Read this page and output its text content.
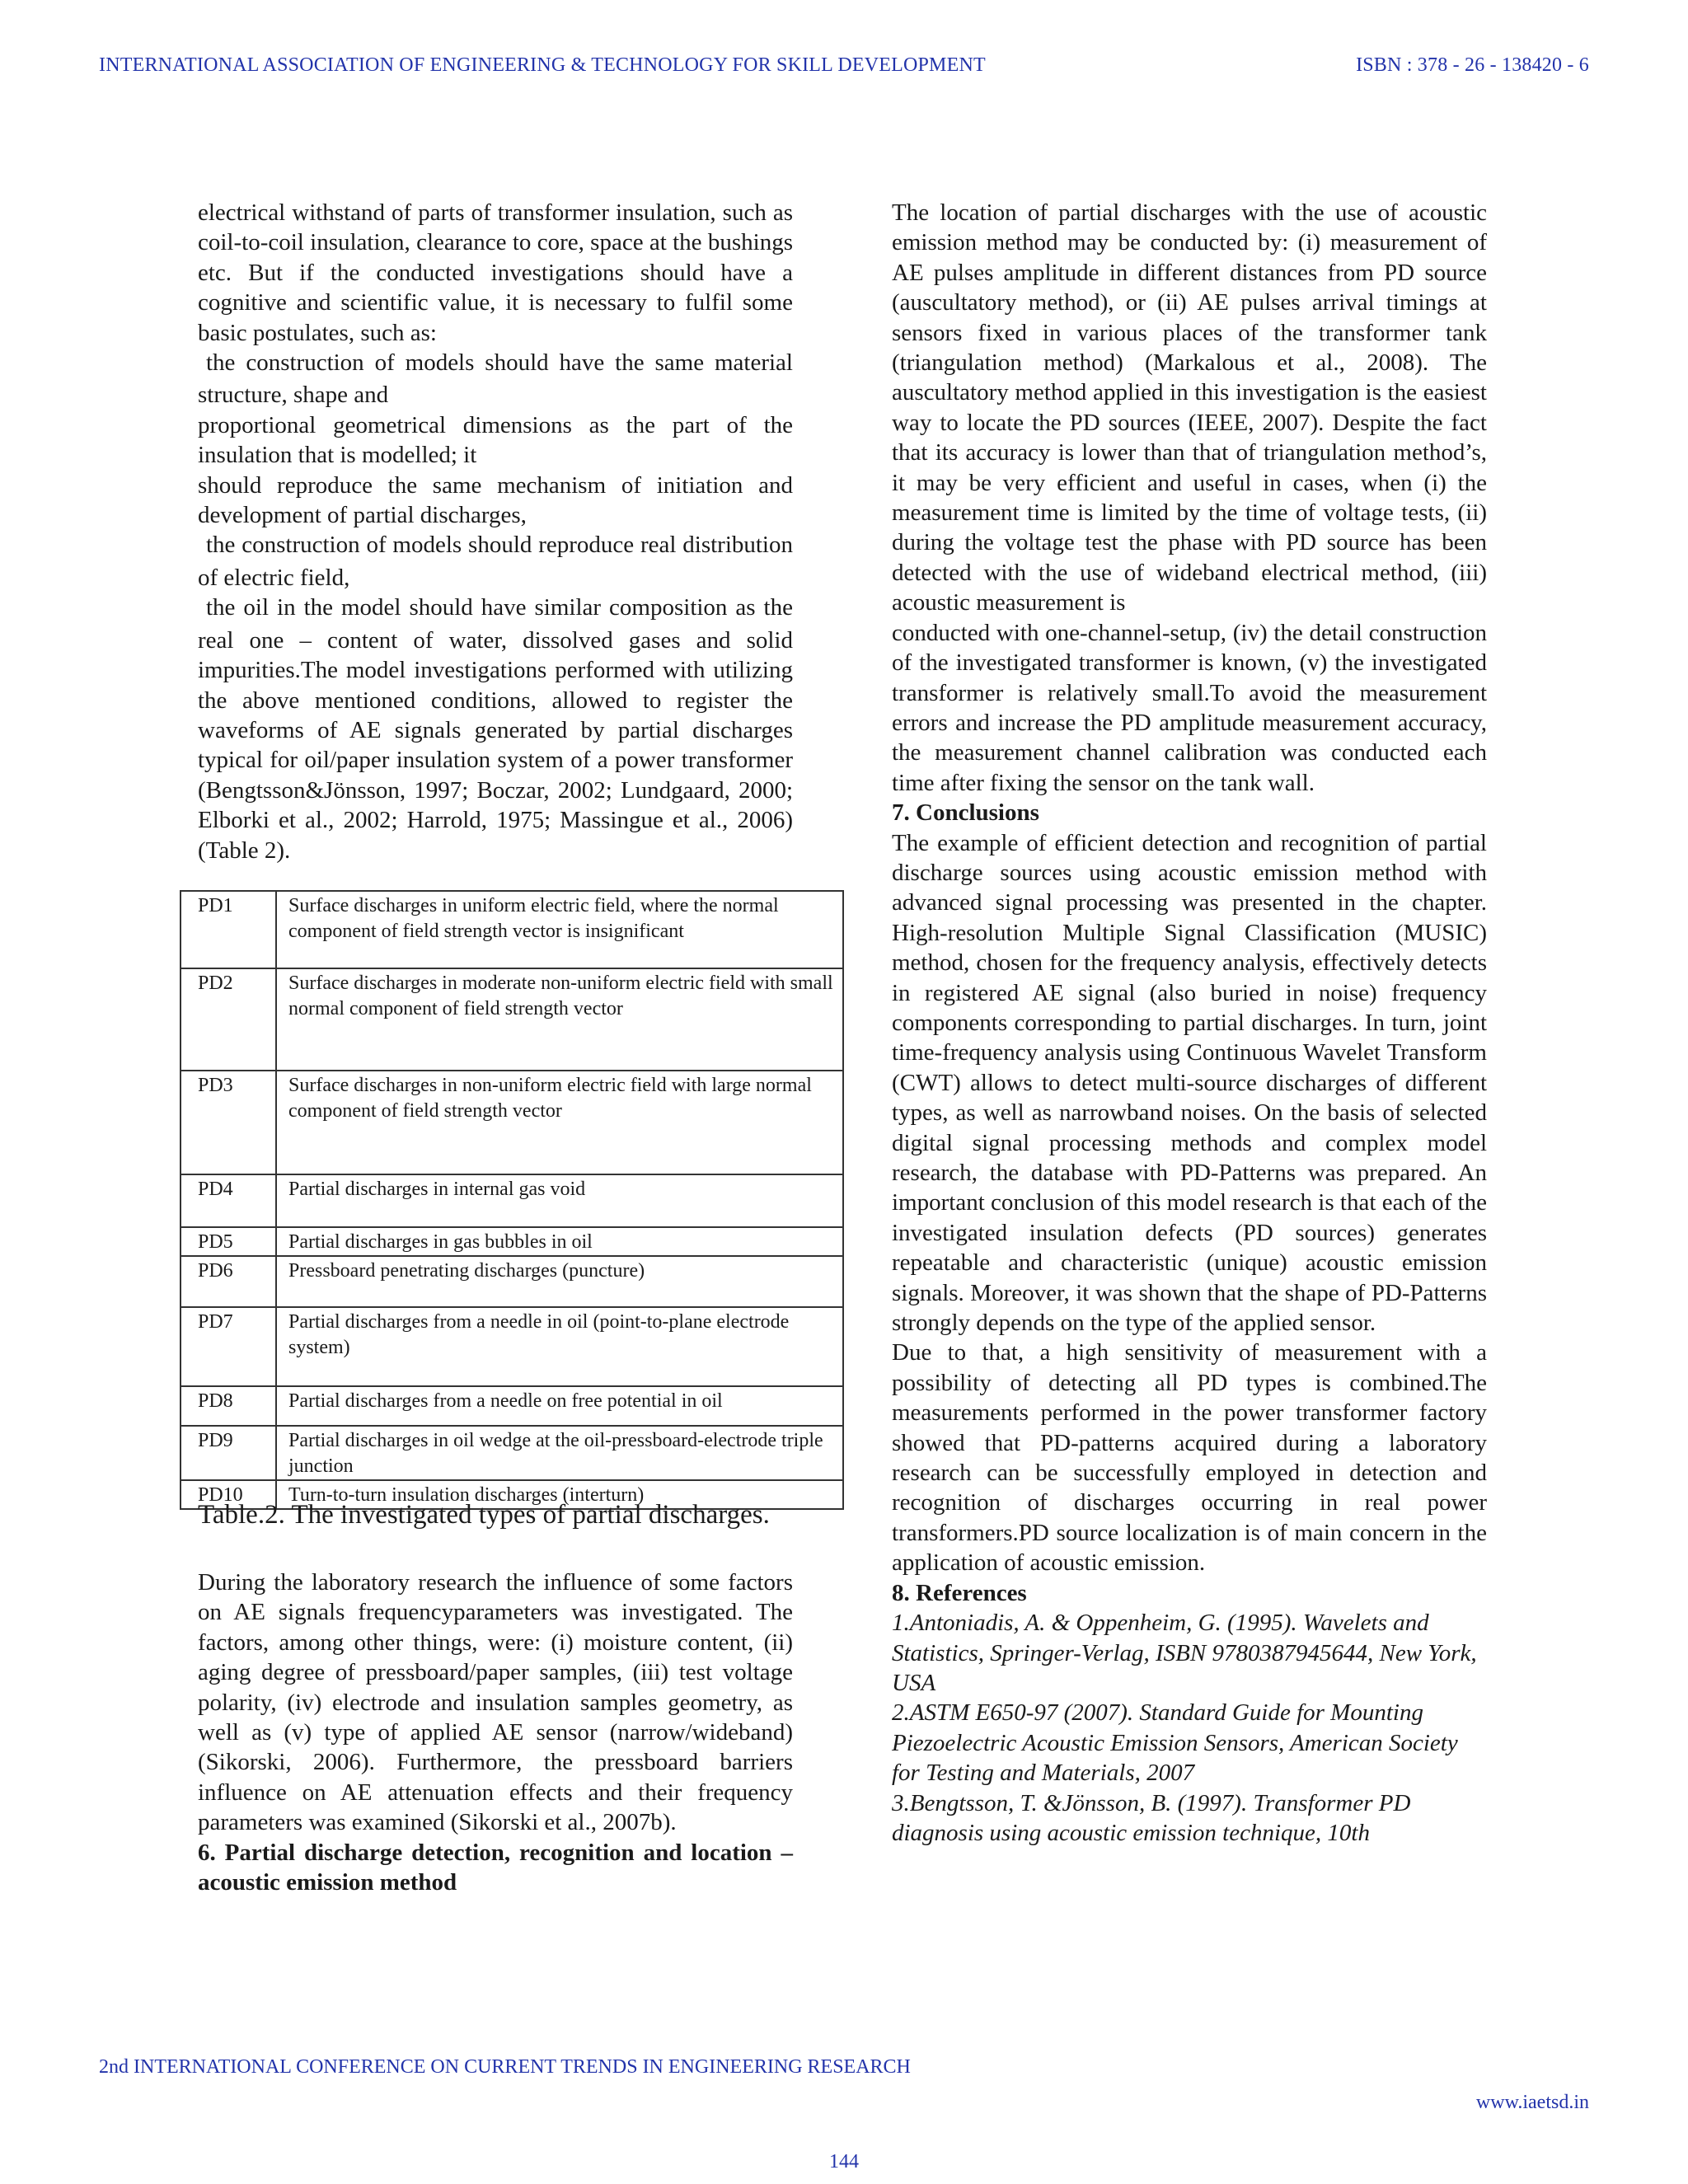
INTERNATIONAL ASSOCIATION OF ENGINEERING & TECHNOLOGY FOR SKILL DEVELOPMENT	ISBN : 378 - 26 - 138420 - 6

electrical withstand of parts of transformer insulation, such as coil-to-coil insulation, clearance to core, space at the bushings etc. But if the conducted investigations should have a cognitive and scientific value, it is necessary to fulfil some basic postulates, such as:

the construction of models should have the same material structure, shape and

proportional geometrical dimensions as the part of the insulation that is modelled; it

should reproduce the same mechanism of initiation and development of partial discharges,

the construction of models should reproduce real distribution of electric field,

the oil in the model should have similar composition as the real one – content of water, dissolved gases and solid impurities.The model investigations performed with utilizing the above mentioned conditions, allowed to register the waveforms of AE signals generated by partial discharges typical for oil/paper insulation system of a power transformer (Bengtsson&Jönsson, 1997; Boczar, 2002; Lundgaard, 2000; Elborki et al., 2002; Harrold, 1975; Massingue et al., 2006) (Table 2).

PD1	Surface discharges in uniform electric field, where the normal component of field strength vector is insignificant
PD2	Surface discharges in moderate non-uniform electric field with small normal component of field strength vector
PD3	Surface discharges in non-uniform electric field with large normal component of field strength vector
PD4	Partial discharges in internal gas void
PD5	Partial discharges in gas bubbles in oil
PD6	Pressboard penetrating discharges (puncture)
PD7	Partial discharges from a needle in oil (point-to-plane electrode system)
PD8	Partial discharges from a needle on free potential in oil
PD9	Partial discharges in oil wedge at the oil-pressboard-electrode triple junction
PD10	Turn-to-turn insulation discharges (interturn)
Table.2. The investigated types of partial discharges.

During the laboratory research the influence of some factors on AE signals frequencyparameters was investigated. The factors, among other things, were: (i) moisture content, (ii) aging degree of pressboard/paper samples, (iii) test voltage polarity, (iv) electrode and insulation samples geometry, as well as (v) type of applied AE sensor (narrow/wideband) (Sikorski, 2006). Furthermore, the pressboard barriers influence on AE attenuation effects and their frequency parameters was examined (Sikorski et al., 2007b).

6. Partial discharge detection, recognition and location – acoustic emission method

The location of partial discharges with the use of acoustic emission method may be conducted by: (i) measurement of AE pulses amplitude in different distances from PD source (auscultatory method), or (ii) AE pulses arrival timings at sensors fixed in various places of the transformer tank (triangulation method) (Markalous et al., 2008). The auscultatory method applied in this investigation is the easiest way to locate the PD sources (IEEE, 2007). Despite the fact that its accuracy is lower than that of triangulation method’s, it may be very efficient and useful in cases, when (i) the measurement time is limited by the time of voltage tests, (ii) during the voltage test the phase with PD source has been detected with the use of wideband electrical method, (iii) acoustic measurement is

conducted with one-channel-setup, (iv) the detail construction of the investigated transformer is known, (v) the investigated transformer is relatively small.To avoid the measurement errors and increase the PD amplitude measurement accuracy, the measurement channel calibration was conducted each time after fixing the sensor on the tank wall.

7. Conclusions

The example of efficient detection and recognition of partial discharge sources using acoustic emission method with advanced signal processing was presented in the chapter. High-resolution Multiple Signal Classification (MUSIC) method, chosen for the frequency analysis, effectively detects in registered AE signal (also buried in noise) frequency components corresponding to partial discharges. In turn, joint time-frequency analysis using Continuous Wavelet Transform (CWT) allows to detect multi-source discharges of different types, as well as narrowband noises. On the basis of selected digital signal processing methods and complex model research, the database with PD-Patterns was prepared. An important conclusion of this model research is that each of the investigated insulation defects (PD sources) generates repeatable and characteristic (unique) acoustic emission signals. Moreover, it was shown that the shape of PD-Patterns strongly depends on the type of the applied sensor.

Due to that, a high sensitivity of measurement with a possibility of detecting all PD types is combined.The measurements performed in the power transformer factory showed that PD-patterns acquired during a laboratory research can be successfully employed in detection and recognition of discharges occurring in real power transformers.PD source localization is of main concern in the application of acoustic emission.

8. References

1.Antoniadis, A. & Oppenheim, G. (1995). Wavelets and Statistics, Springer-Verlag, ISBN 9780387945644, New York, USA

2.ASTM E650-97 (2007). Standard Guide for Mounting Piezoelectric Acoustic Emission Sensors, American Society for Testing and Materials, 2007

3.Bengtsson, T. &Jönsson, B. (1997). Transformer PD diagnosis using acoustic emission technique, 10th

2nd INTERNATIONAL CONFERENCE ON CURRENT TRENDS IN ENGINEERING RESEARCH
www.iaetsd.in
144
